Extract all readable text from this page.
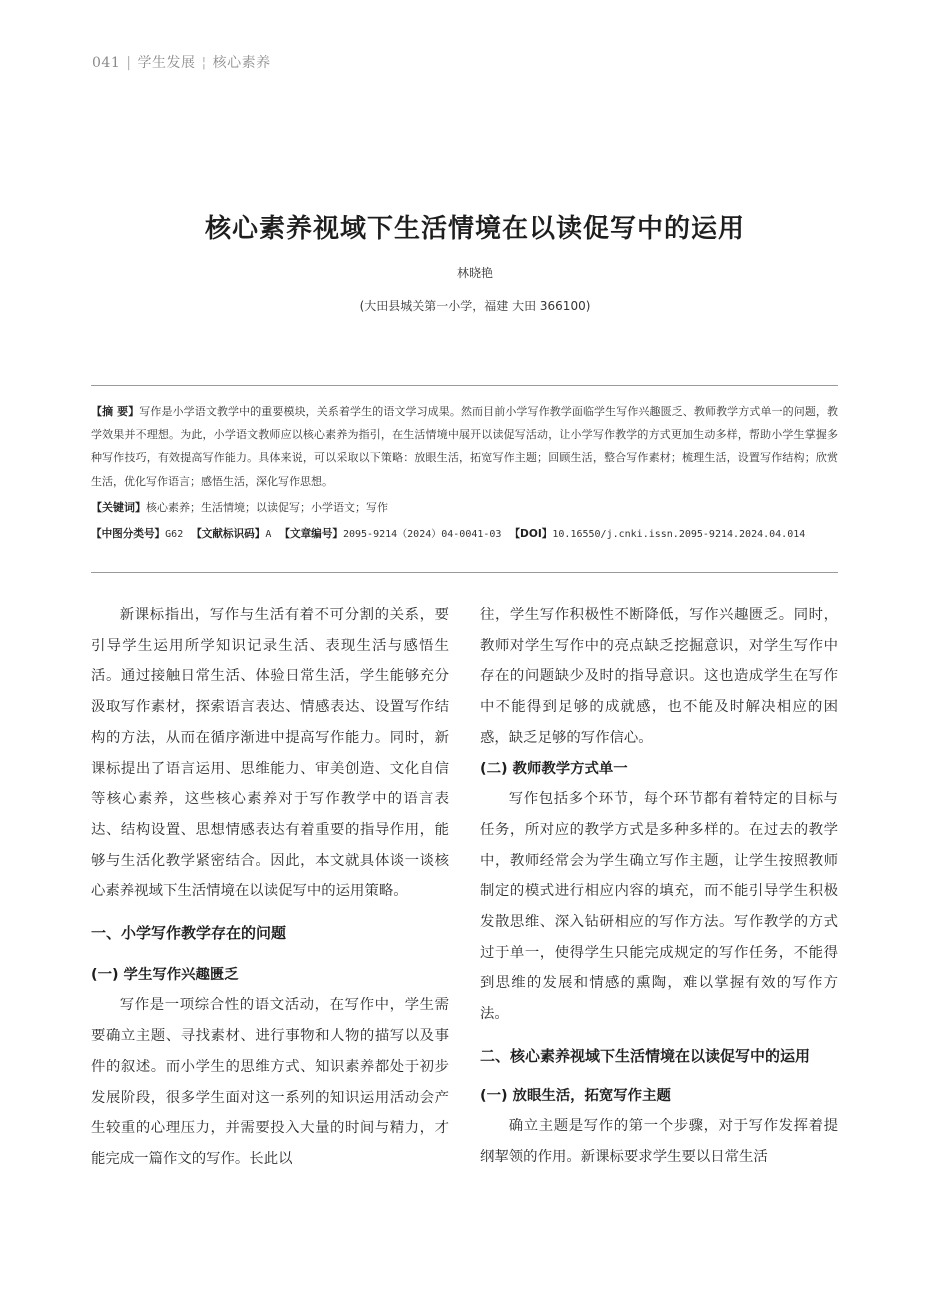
041 | 学生发展 ¦ 核心素养
核心素养视域下生活情境在以读促写中的运用
林晓艳
(大田县城关第一小学，福建 大田 366100)

【摘 要】写作是小学语文教学中的重要模块，关系着学生的语文学习成果。然而目前小学写作教学面临学生写作兴趣匮乏、教师教学方式单一的问题，教学效果并不理想。为此，小学语文教师应以核心素养为指引，在生活情境中展开以读促写活动，让小学写作教学的方式更加生动多样，帮助小学生掌握多种写作技巧，有效提高写作能力。具体来说，可以采取以下策略：放眼生活，拓宽写作主题；回顾生活，整合写作素材；梳理生活，设置写作结构；欣赏生活，优化写作语言；感悟生活，深化写作思想。

【关键词】核心素养；生活情境；以读促写；小学语文；写作

【中图分类号】G62 【文献标识码】A 【文章编号】2095-9214（2024）04-0041-03 【DOI】10.16550/j.cnki.issn.2095-9214.2024.04.014

新课标指出，写作与生活有着不可分割的关系，要引导学生运用所学知识记录生活、表现生活与感悟生活。通过接触日常生活、体验日常生活，学生能够充分汲取写作素材，探索语言表达、情感表达、设置写作结构的方法，从而在循序渐进中提高写作能力。同时，新课标提出了语言运用、思维能力、审美创造、文化自信等核心素养，这些核心素养对于写作教学中的语言表达、结构设置、思想情感表达有着重要的指导作用，能够与生活化教学紧密结合。因此，本文就具体谈一谈核心素养视域下生活情境在以读促写中的运用策略。

一、小学写作教学存在的问题
(一) 学生写作兴趣匮乏

写作是一项综合性的语文活动，在写作中，学生需要确立主题、寻找素材、进行事物和人物的描写以及事件的叙述。而小学生的思维方式、知识素养都处于初步发展阶段，很多学生面对这一系列的知识运用活动会产生较重的心理压力，并需要投入大量的时间与精力，才能完成一篇作文的写作。长此以

往，学生写作积极性不断降低，写作兴趣匮乏。同时，教师对学生写作中的亮点缺乏挖掘意识，对学生写作中存在的问题缺少及时的指导意识。这也造成学生在写作中不能得到足够的成就感，也不能及时解决相应的困惑，缺乏足够的写作信心。

(二) 教师教学方式单一

写作包括多个环节，每个环节都有着特定的目标与任务，所对应的教学方式是多种多样的。在过去的教学中，教师经常会为学生确立写作主题，让学生按照教师制定的模式进行相应内容的填充，而不能引导学生积极发散思维、深入钻研相应的写作方法。写作教学的方式过于单一，使得学生只能完成规定的写作任务，不能得到思维的发展和情感的熏陶，难以掌握有效的写作方法。

二、核心素养视域下生活情境在以读促写中的运用
(一) 放眼生活，拓宽写作主题

确立主题是写作的第一个步骤，对于写作发挥着提纲挈领的作用。新课标要求学生要以日常生活
